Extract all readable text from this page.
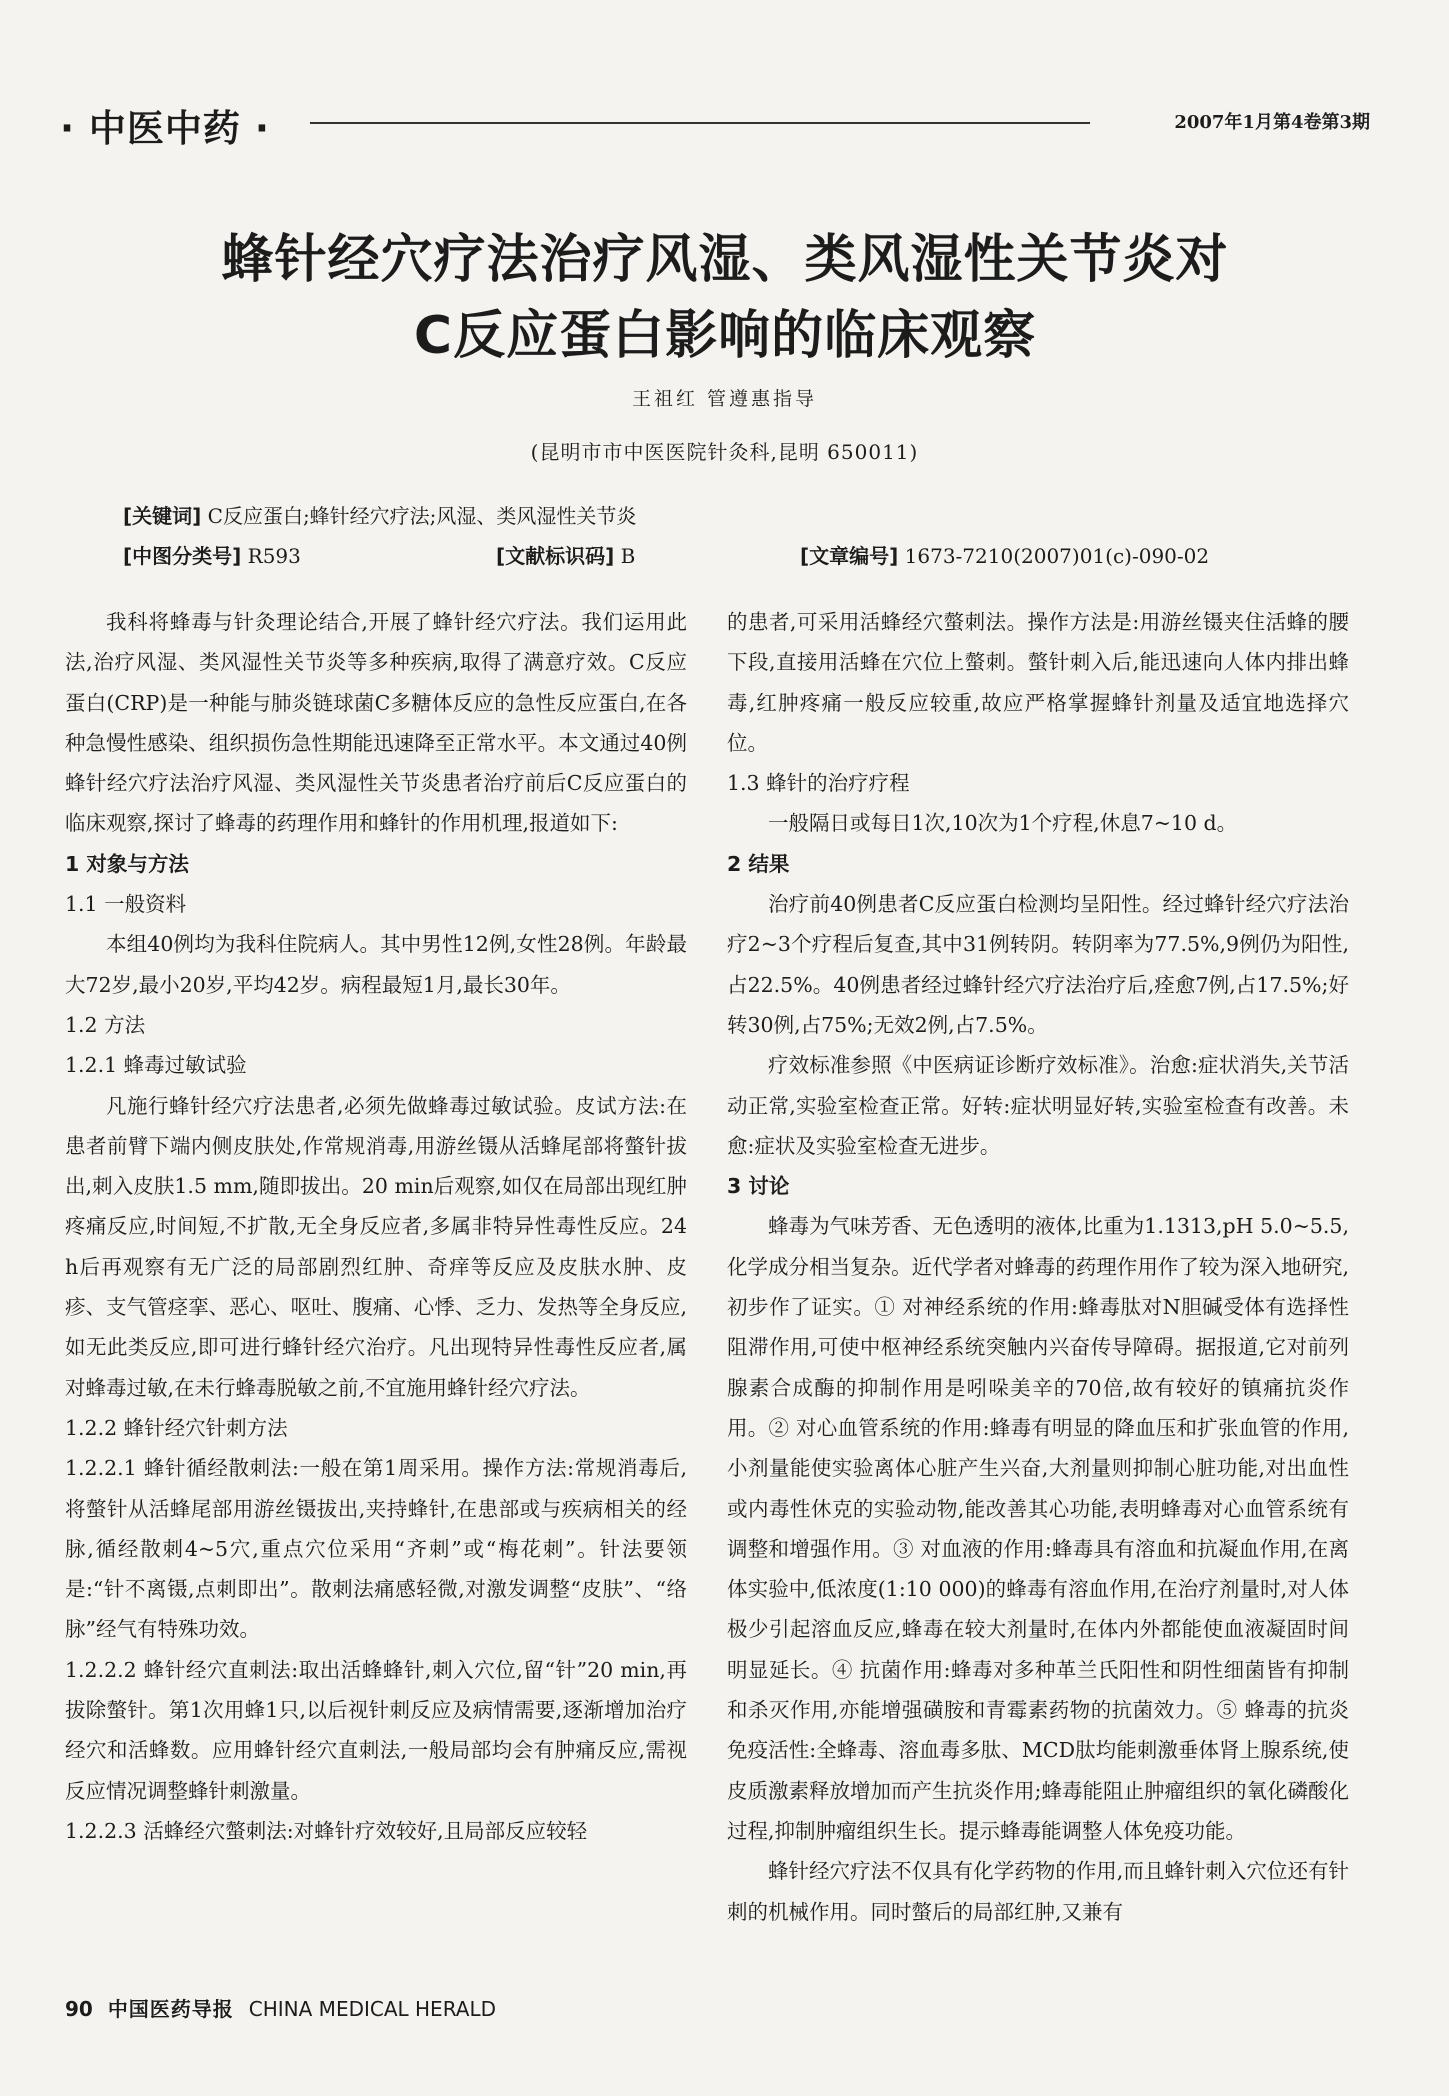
· 中医中药 ·	2007年1月第4卷第3期
蜂针经穴疗法治疗风湿、类风湿性关节炎对
C反应蛋白影响的临床观察
王祖红 管遵惠指导
(昆明市市中医医院针灸科,昆明 650011)
[关键词] C反应蛋白;蜂针经穴疗法;风湿、类风湿性关节炎
[中图分类号] R593	[文献标识码] B	[文章编号] 1673-7210(2007)01(c)-090-02

我科将蜂毒与针灸理论结合,开展了蜂针经穴疗法。我们运用此法,治疗风湿、类风湿性关节炎等多种疾病,取得了满意疗效。C反应蛋白(CRP)是一种能与肺炎链球菌C多糖体反应的急性反应蛋白,在各种急慢性感染、组织损伤急性期能迅速降至正常水平。本文通过40例蜂针经穴疗法治疗风湿、类风湿性关节炎患者治疗前后C反应蛋白的临床观察,探讨了蜂毒的药理作用和蜂针的作用机理,报道如下:

1 对象与方法
1.1 一般资料

本组40例均为我科住院病人。其中男性12例,女性28例。年龄最大72岁,最小20岁,平均42岁。病程最短1月,最长30年。

1.2 方法
1.2.1 蜂毒过敏试验

凡施行蜂针经穴疗法患者,必须先做蜂毒过敏试验。皮试方法:在患者前臂下端内侧皮肤处,作常规消毒,用游丝镊从活蜂尾部将螫针拔出,刺入皮肤1.5 mm,随即拔出。20 min后观察,如仅在局部出现红肿疼痛反应,时间短,不扩散,无全身反应者,多属非特异性毒性反应。24 h后再观察有无广泛的局部剧烈红肿、奇痒等反应及皮肤水肿、皮疹、支气管痉挛、恶心、呕吐、腹痛、心悸、乏力、发热等全身反应,如无此类反应,即可进行蜂针经穴治疗。凡出现特异性毒性反应者,属对蜂毒过敏,在未行蜂毒脱敏之前,不宜施用蜂针经穴疗法。

1.2.2 蜂针经穴针刺方法

1.2.2.1 蜂针循经散刺法:一般在第1周采用。操作方法:常规消毒后,将螫针从活蜂尾部用游丝镊拔出,夹持蜂针,在患部或与疾病相关的经脉,循经散刺4~5穴,重点穴位采用“齐刺”或“梅花刺”。针法要领是:“针不离镊,点刺即出”。散刺法痛感轻微,对激发调整“皮肤”、“络脉”经气有特殊功效。

1.2.2.2 蜂针经穴直刺法:取出活蜂蜂针,刺入穴位,留“针”20 min,再拔除螫针。第1次用蜂1只,以后视针刺反应及病情需要,逐渐增加治疗经穴和活蜂数。应用蜂针经穴直刺法,一般局部均会有肿痛反应,需视反应情况调整蜂针刺激量。

1.2.2.3 活蜂经穴螫刺法:对蜂针疗效较好,且局部反应较轻

的患者,可采用活蜂经穴螫刺法。操作方法是:用游丝镊夹住活蜂的腰下段,直接用活蜂在穴位上螫刺。螫针刺入后,能迅速向人体内排出蜂毒,红肿疼痛一般反应较重,故应严格掌握蜂针剂量及适宜地选择穴位。

1.3 蜂针的治疗疗程

一般隔日或每日1次,10次为1个疗程,休息7~10 d。

2 结果

治疗前40例患者C反应蛋白检测均呈阳性。经过蜂针经穴疗法治疗2~3个疗程后复查,其中31例转阴。转阴率为77.5%,9例仍为阳性,占22.5%。40例患者经过蜂针经穴疗法治疗后,痊愈7例,占17.5%;好转30例,占75%;无效2例,占7.5%。

疗效标准参照《中医病证诊断疗效标准》。治愈:症状消失,关节活动正常,实验室检查正常。好转:症状明显好转,实验室检查有改善。未愈:症状及实验室检查无进步。

3 讨论

蜂毒为气味芳香、无色透明的液体,比重为1.1313,pH 5.0~5.5,化学成分相当复杂。近代学者对蜂毒的药理作用作了较为深入地研究,初步作了证实。① 对神经系统的作用:蜂毒肽对N胆碱受体有选择性阻滞作用,可使中枢神经系统突触内兴奋传导障碍。据报道,它对前列腺素合成酶的抑制作用是吲哚美辛的70倍,故有较好的镇痛抗炎作用。② 对心血管系统的作用:蜂毒有明显的降血压和扩张血管的作用,小剂量能使实验离体心脏产生兴奋,大剂量则抑制心脏功能,对出血性或内毒性休克的实验动物,能改善其心功能,表明蜂毒对心血管系统有调整和增强作用。③ 对血液的作用:蜂毒具有溶血和抗凝血作用,在离体实验中,低浓度(1:10 000)的蜂毒有溶血作用,在治疗剂量时,对人体极少引起溶血反应,蜂毒在较大剂量时,在体内外都能使血液凝固时间明显延长。④ 抗菌作用:蜂毒对多种革兰氏阳性和阴性细菌皆有抑制和杀灭作用,亦能增强磺胺和青霉素药物的抗菌效力。⑤ 蜂毒的抗炎免疫活性:全蜂毒、溶血毒多肽、MCD肽均能刺激垂体肾上腺系统,使皮质激素释放增加而产生抗炎作用;蜂毒能阻止肿瘤组织的氧化磷酸化过程,抑制肿瘤组织生长。提示蜂毒能调整人体免疫功能。

蜂针经穴疗法不仅具有化学药物的作用,而且蜂针刺入穴位还有针刺的机械作用。同时螫后的局部红肿,又兼有

90 中国医药导报 CHINA MEDICAL HERALD
